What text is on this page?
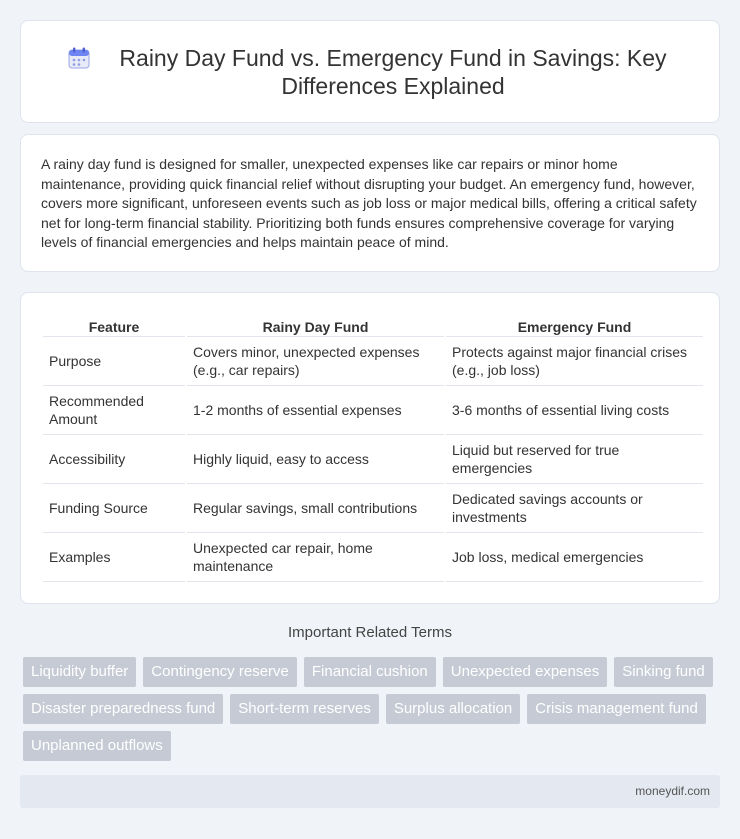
Rainy Day Fund vs. Emergency Fund in Savings: Key Differences Explained

A rainy day fund is designed for smaller, unexpected expenses like car repairs or minor home maintenance, providing quick financial relief without disrupting your budget. An emergency fund, however, covers more significant, unforeseen events such as job loss or major medical bills, offering a critical safety net for long-term financial stability. Prioritizing both funds ensures comprehensive coverage for varying levels of financial emergencies and helps maintain peace of mind.

Feature	Rainy Day Fund	Emergency Fund
Purpose	Covers minor, unexpected expenses (e.g., car repairs)	Protects against major financial crises (e.g., job loss)
Recommended Amount	1-2 months of essential expenses	3-6 months of essential living costs
Accessibility	Highly liquid, easy to access	Liquid but reserved for true emergencies
Funding Source	Regular savings, small contributions	Dedicated savings accounts or investments
Examples	Unexpected car repair, home maintenance	Job loss, medical emergencies
Important Related Terms
Liquidity buffer	Contingency reserve	Financial cushion	Unexpected expenses	Sinking fund
Disaster preparedness fund	Short-term reserves	Surplus allocation	Crisis management fund
Unplanned outflows
moneydif.com
